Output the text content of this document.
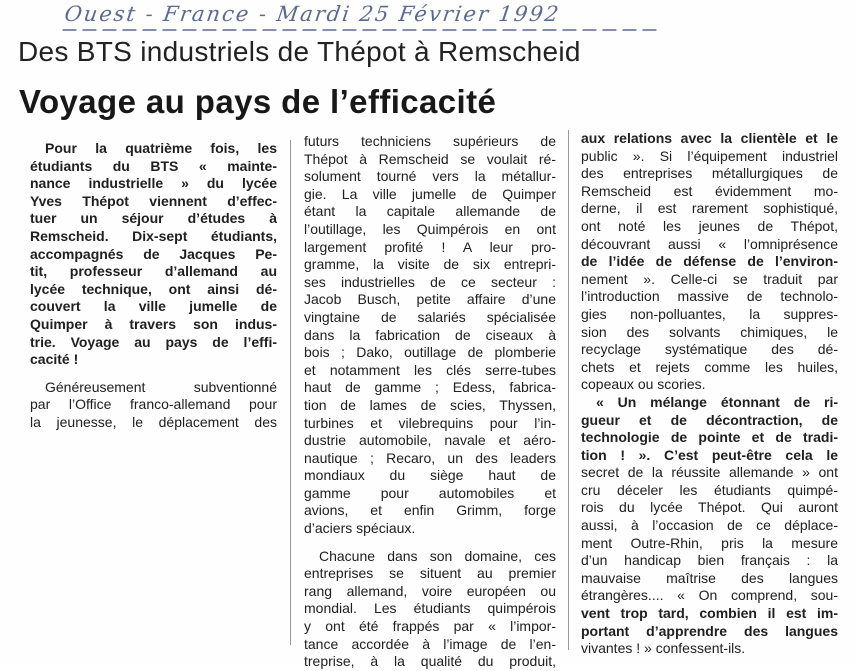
Ouest - France - Mardi 25 Février 1992
Des BTS industriels de Thépot à Remscheid
Voyage au pays de l’efficacité
Pour la quatrième fois, les
étudiants du BTS « mainte-
nance industrielle » du lycée
Yves Thépot viennent d’effec-
tuer un séjour d’études à
Remscheid. Dix-sept étudiants,
accompagnés de Jacques Pe-
tit, professeur d’allemand au
lycée technique, ont ainsi dé-
couvert la ville jumelle de
Quimper à travers son indus-
trie. Voyage au pays de l’effi-
cacité !
Généreusement subventionné
par l’Office franco-allemand pour
la jeunesse, le déplacement des
futurs techniciens supérieurs de
Thépot à Remscheid se voulait ré-
solument tourné vers la métallur-
gie. La ville jumelle de Quimper
étant la capitale allemande de
l’outillage, les Quimpérois en ont
largement profité ! A leur pro-
gramme, la visite de six entrepri-
ses industrielles de ce secteur :
Jacob Busch, petite affaire d’une
vingtaine de salariés spécialisée
dans la fabrication de ciseaux à
bois ; Dako, outillage de plomberie
et notamment les clés serre-tubes
haut de gamme ; Edess, fabrica-
tion de lames de scies, Thyssen,
turbines et vilebrequins pour l’in-
dustrie automobile, navale et aéro-
nautique ; Recaro, un des leaders
mondiaux du siège haut de
gamme pour automobiles et
avions, et enfin Grimm, forge
d’aciers spéciaux.
Chacune dans son domaine, ces
entreprises se situent au premier
rang allemand, voire européen ou
mondial. Les étudiants quimpérois
y ont été frappés par « l’impor-
tance accordée à l’image de l’en-
treprise, à la qualité du produit,
aux relations avec la clientèle et le
public ». Si l’équipement industriel
des entreprises métallurgiques de
Remscheid est évidemment mo-
derne, il est rarement sophistiqué,
ont noté les jeunes de Thépot,
découvrant aussi « l’omniprésence
de l’idée de défense de l’environ-
nement ». Celle-ci se traduit par
l’introduction massive de technolo-
gies non-polluantes, la suppres-
sion des solvants chimiques, le
recyclage systématique des dé-
chets et rejets comme les huiles,
copeaux ou scories.
« Un mélange étonnant de ri-
gueur et de décontraction, de
technologie de pointe et de tradi-
tion ! ». C’est peut-être cela le
secret de la réussite allemande » ont
cru déceler les étudiants quimpé-
rois du lycée Thépot. Qui auront
aussi, à l’occasion de ce déplace-
ment Outre-Rhin, pris la mesure
d’un handicap bien français : la
mauvaise maîtrise des langues
étrangères.... « On comprend, sou-
vent trop tard, combien il est im-
portant d’apprendre des langues
vivantes ! » confessent-ils.
